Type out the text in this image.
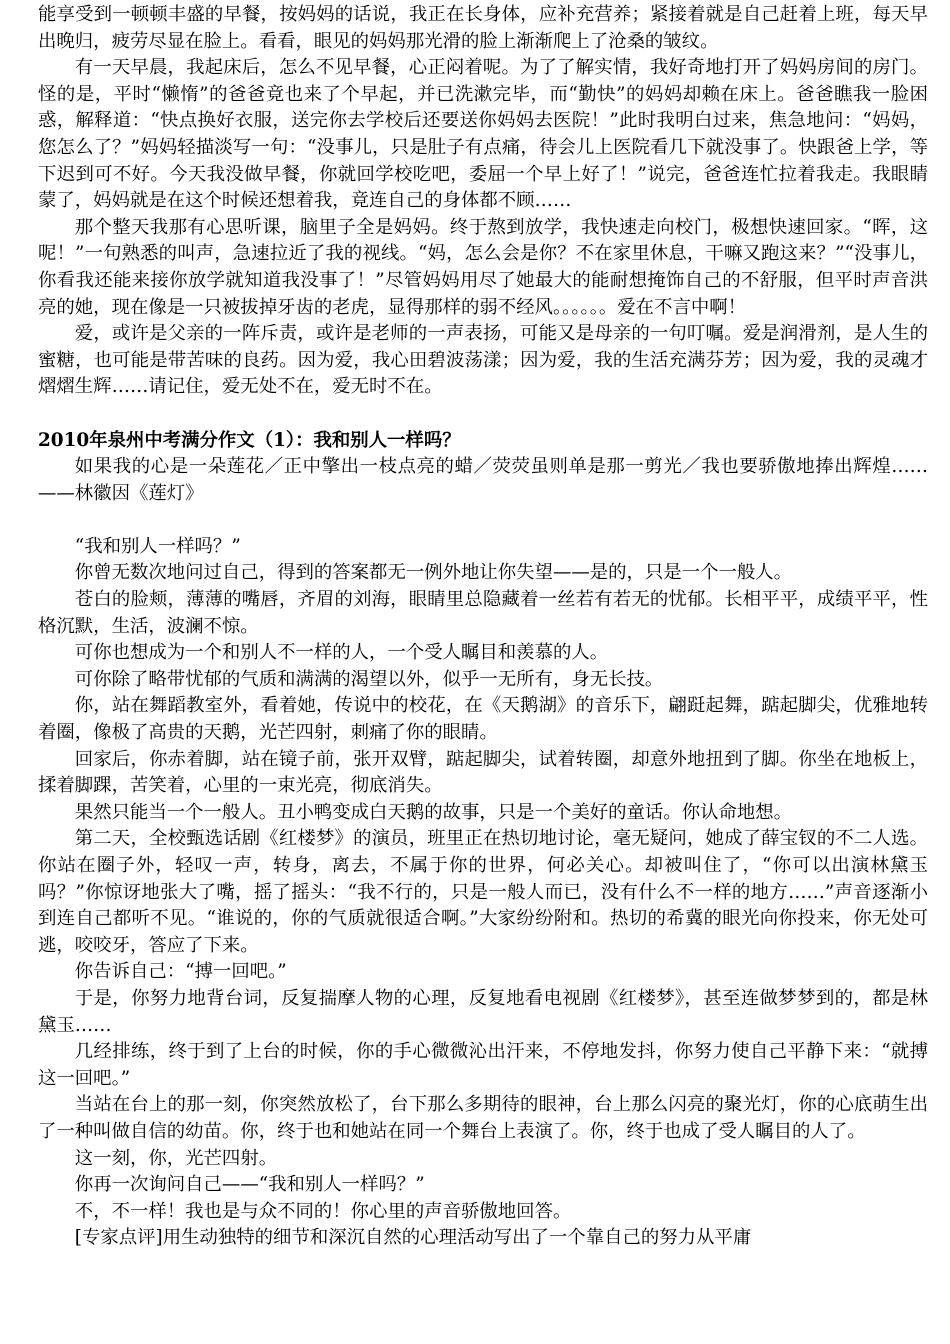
能享受到一顿顿丰盛的早餐，按妈妈的话说，我正在长身体，应补充营养；紧接着就是自己赶着上班，每天早出晚归，疲劳尽显在脸上。看看，眼见的妈妈那光滑的脸上渐渐爬上了沧桑的皱纹。

有一天早晨，我起床后，怎么不见早餐，心正闷着呢。为了了解实情，我好奇地打开了妈妈房间的房门。怪的是，平时“懒惰”的爸爸竟也来了个早起，并已洗漱完毕，而“勤快”的妈妈却赖在床上。爸爸瞧我一脸困惑，解释道：“快点换好衣服，送完你去学校后还要送你妈妈去医院！”此时我明白过来，焦急地问：“妈妈，您怎么了？”妈妈轻描淡写一句：“没事儿，只是肚子有点痛，待会儿上医院看几下就没事了。快跟爸上学，等下迟到可不好。今天我没做早餐，你就回学校吃吧，委屈一个早上好了！”说完，爸爸连忙拉着我走。我眼睛蒙了，妈妈就是在这个时候还想着我，竟连自己的身体都不顾……

那个整天我那有心思听课，脑里子全是妈妈。终于熬到放学，我快速走向校门，极想快速回家。“晖，这呢！”一句熟悉的叫声，急速拉近了我的视线。“妈，怎么会是你？不在家里休息，干嘛又跑这来？”“没事儿，你看我还能来接你放学就知道我没事了！”尽管妈妈用尽了她最大的能耐想掩饰自己的不舒服，但平时声音洪亮的她，现在像是一只被拔掉牙齿的老虎，显得那样的弱不经风。。。。。。爱在不言中啊！

爱，或许是父亲的一阵斥责，或许是老师的一声表扬，可能又是母亲的一句叮嘱。爱是润滑剂，是人生的蜜糖，也可能是带苦味的良药。因为爱，我心田碧波荡漾；因为爱，我的生活充满芬芳；因为爱，我的灵魂才熠熠生辉……请记住，爱无处不在，爱无时不在。

2010年泉州中考满分作文（1）：我和别人一样吗？

如果我的心是一朵莲花／正中擎出一枝点亮的蜡／荧荧虽则单是那一剪光／我也要骄傲地捧出辉煌……——林徽因《莲灯》

“我和别人一样吗？”

你曾无数次地问过自己，得到的答案都无一例外地让你失望——是的，只是一个一般人。

苍白的脸颊，薄薄的嘴唇，齐眉的刘海，眼睛里总隐藏着一丝若有若无的忧郁。长相平平，成绩平平，性格沉默，生活，波澜不惊。

可你也想成为一个和别人不一样的人，一个受人瞩目和羡慕的人。

可你除了略带忧郁的气质和满满的渴望以外，似乎一无所有，身无长技。

你，站在舞蹈教室外，看着她，传说中的校花，在《天鹅湖》的音乐下，翩跹起舞，踮起脚尖，优雅地转着圈，像极了高贵的天鹅，光芒四射，刺痛了你的眼睛。

回家后，你赤着脚，站在镜子前，张开双臂，踮起脚尖，试着转圈，却意外地扭到了脚。你坐在地板上，揉着脚踝，苦笑着，心里的一束光亮，彻底消失。

果然只能当一个一般人。丑小鸭变成白天鹅的故事，只是一个美好的童话。你认命地想。

第二天，全校甄选话剧《红楼梦》的演员，班里正在热切地讨论，毫无疑问，她成了薛宝钗的不二人选。你站在圈子外，轻叹一声，转身，离去，不属于你的世界，何必关心。却被叫住了，“你可以出演林黛玉吗？”你惊讶地张大了嘴，摇了摇头：“我不行的，只是一般人而已，没有什么不一样的地方……”声音逐渐小到连自己都听不见。“谁说的，你的气质就很适合啊。”大家纷纷附和。热切的希冀的眼光向你投来，你无处可逃，咬咬牙，答应了下来。

你告诉自己：“搏一回吧。”

于是，你努力地背台词，反复揣摩人物的心理，反复地看电视剧《红楼梦》，甚至连做梦梦到的，都是林黛玉……

几经排练，终于到了上台的时候，你的手心微微沁出汗来，不停地发抖，你努力使自己平静下来：“就搏这一回吧。”

当站在台上的那一刻，你突然放松了，台下那么多期待的眼神，台上那么闪亮的聚光灯，你的心底萌生出了一种叫做自信的幼苗。你，终于也和她站在同一个舞台上表演了。你，终于也成了受人瞩目的人了。

这一刻，你，光芒四射。

你再一次询问自己——“我和别人一样吗？”

不，不一样！我也是与众不同的！你心里的声音骄傲地回答。

[专家点评]用生动独特的细节和深沉自然的心理活动写出了一个靠自己的努力从平庸
